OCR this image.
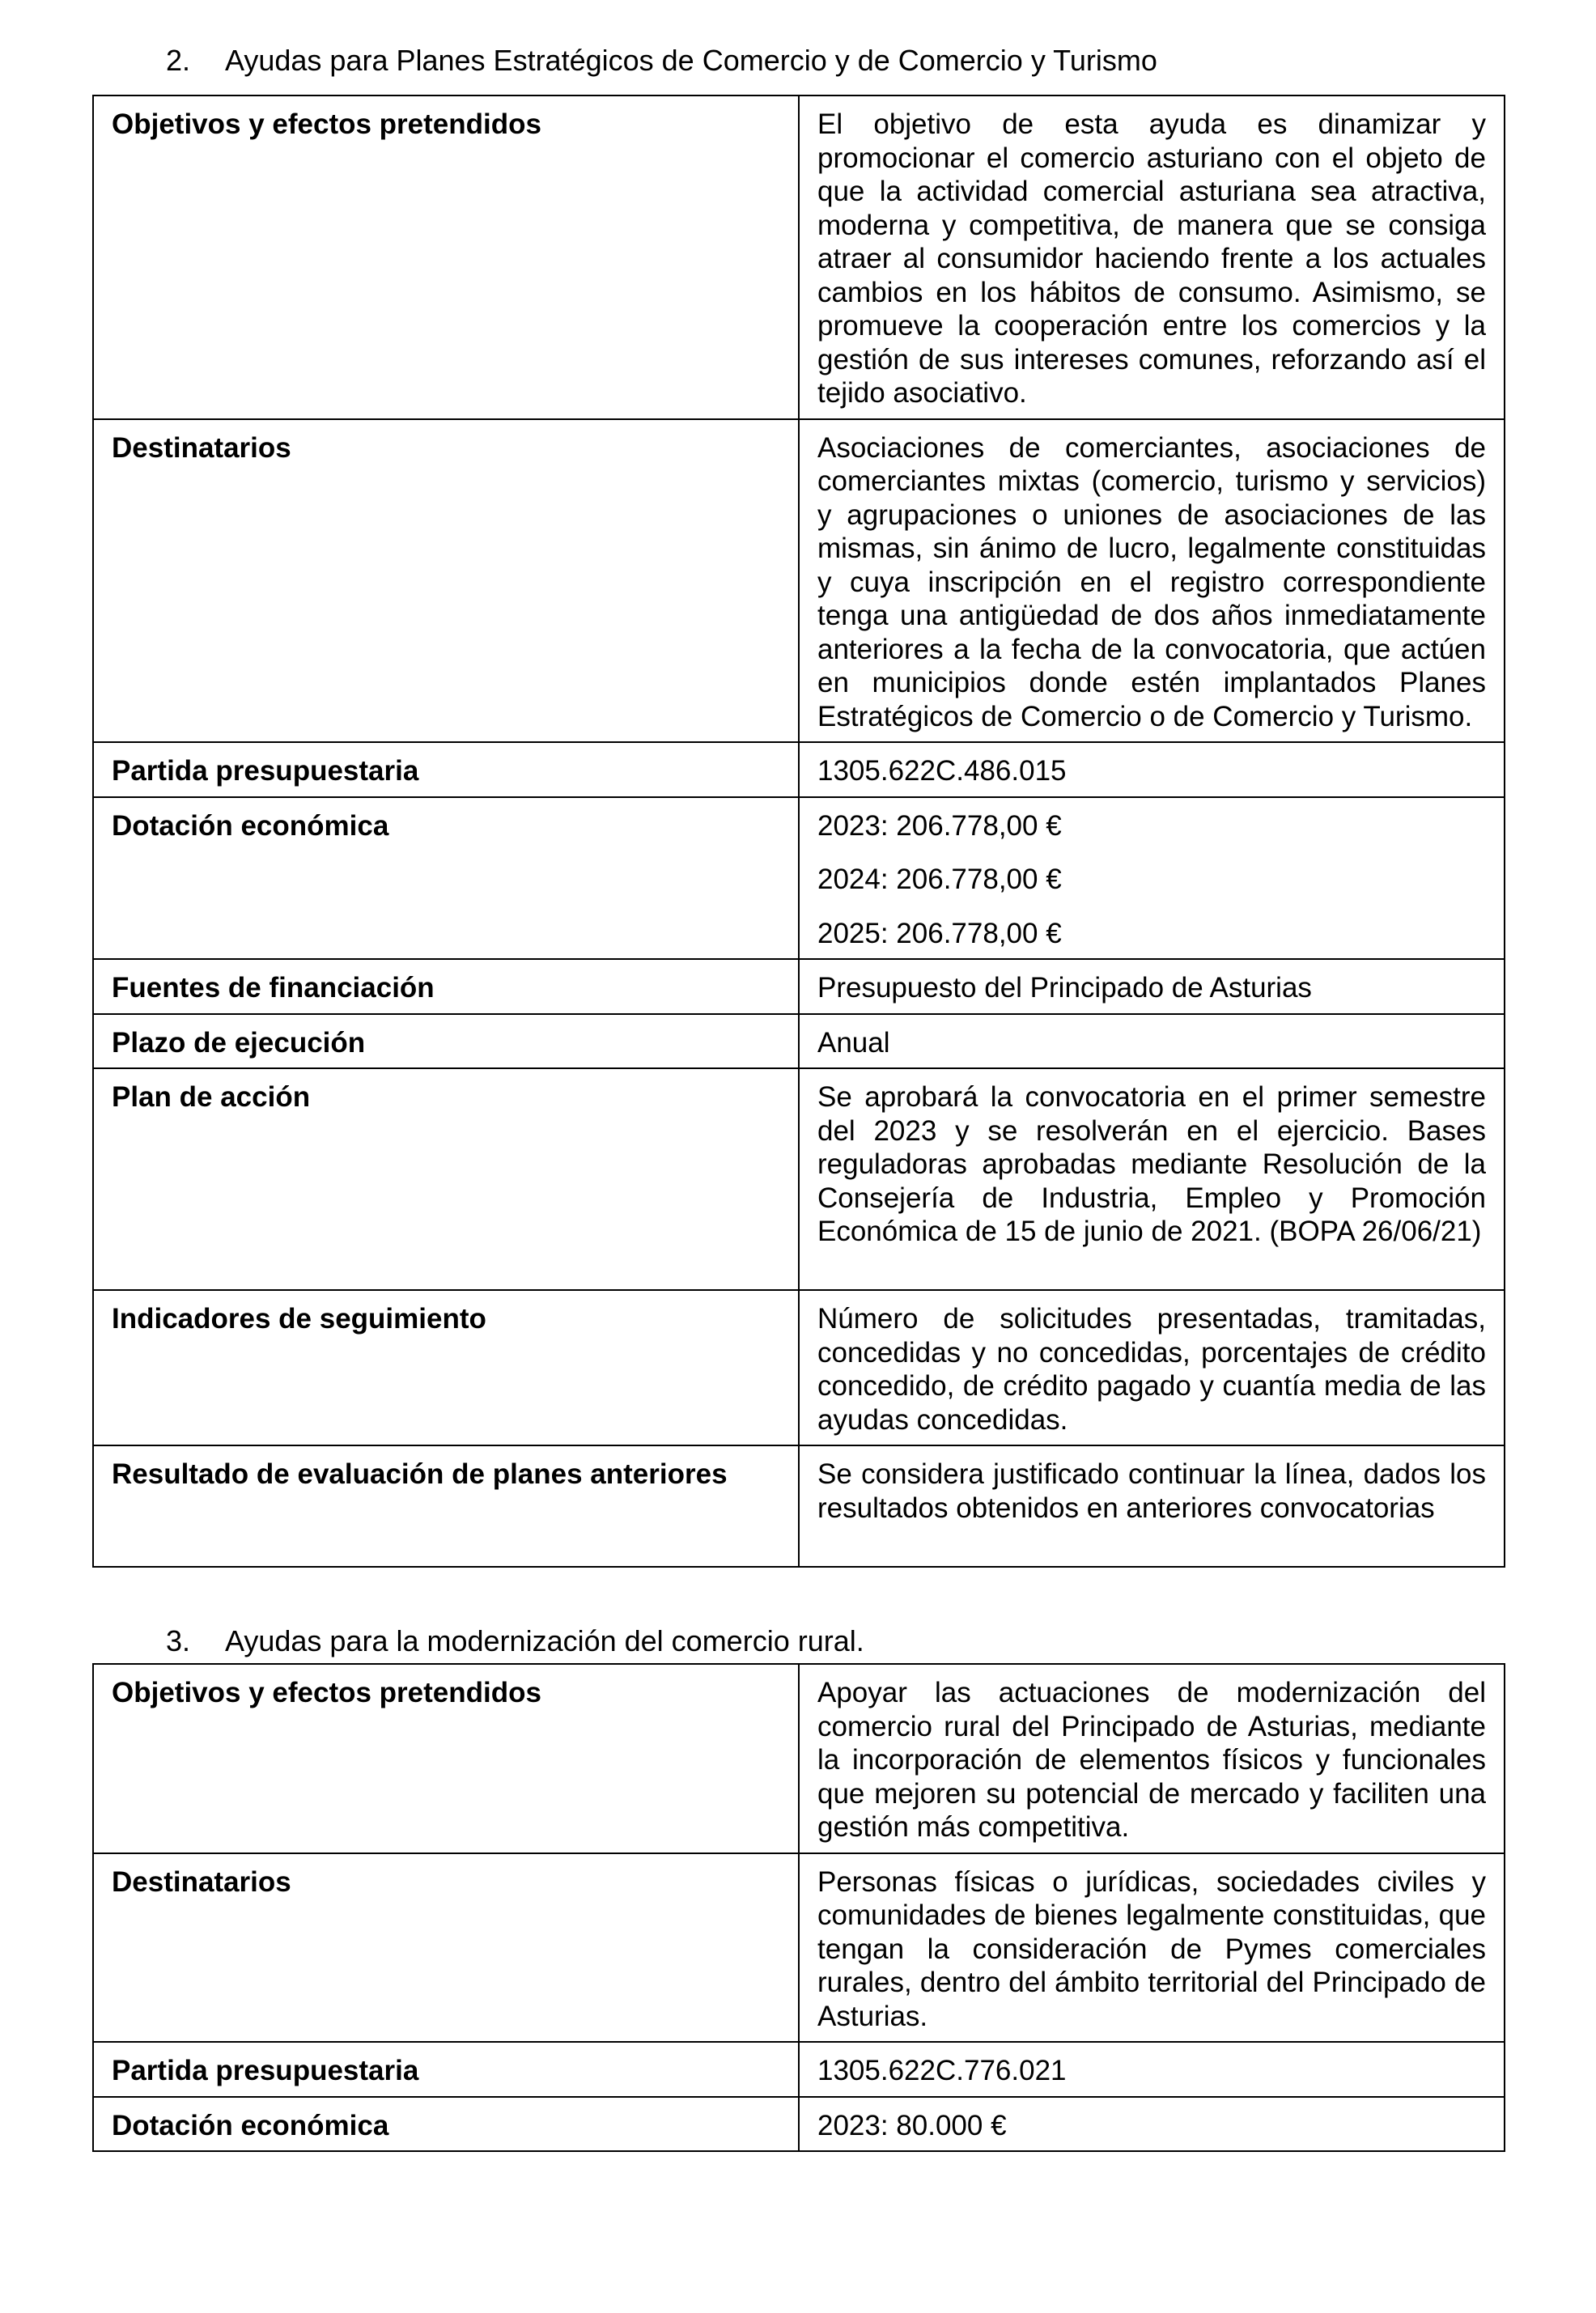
2. Ayudas para Planes Estratégicos de Comercio y de Comercio y Turismo
Objetivos y efectos pretendidos	El objetivo de esta ayuda es dinamizar y promocionar el comercio asturiano con el objeto de que la actividad comercial asturiana sea atractiva, moderna y competitiva, de manera que se consiga atraer al consumidor haciendo frente a los actuales cambios en los hábitos de consumo. Asimismo, se promueve la cooperación entre los comercios y la gestión de sus intereses comunes, reforzando así el tejido asociativo.

Destinatarios	Asociaciones de comerciantes, asociaciones de comerciantes mixtas (comercio, turismo y servicios) y agrupaciones o uniones de asociaciones de las mismas, sin ánimo de lucro, legalmente constituidas y cuya inscripción en el registro correspondiente tenga una antigüedad de dos años inmediatamente anteriores a la fecha de la convocatoria, que actúen en municipios donde estén implantados Planes Estratégicos de Comercio o de Comercio y Turismo.

Partida presupuestaria	1305.622C.486.015

Dotación económica	2023: 206.778,00 €
2024: 206.778,00 €
2025: 206.778,00 €

Fuentes de financiación	Presupuesto del Principado de Asturias

Plazo de ejecución	Anual

Plan de acción	Se aprobará la convocatoria en el primer semestre del 2023 y se resolverán en el ejercicio. Bases reguladoras aprobadas mediante Resolución de la Consejería de Industria, Empleo y Promoción Económica de 15 de junio de 2021. (BOPA 26/06/21)

Indicadores de seguimiento	Número de solicitudes presentadas, tramitadas, concedidas y no concedidas, porcentajes de crédito concedido, de crédito pagado y cuantía media de las ayudas concedidas.

Resultado de evaluación de planes anteriores	Se considera justificado continuar la línea, dados los resultados obtenidos en anteriores convocatorias
3. Ayudas para la modernización del comercio rural.
Objetivos y efectos pretendidos	Apoyar las actuaciones de modernización del comercio rural del Principado de Asturias, mediante la incorporación de elementos físicos y funcionales que mejoren su potencial de mercado y faciliten una gestión más competitiva.

Destinatarios	Personas físicas o jurídicas, sociedades civiles y comunidades de bienes legalmente constituidas, que tengan la consideración de Pymes comerciales rurales, dentro del ámbito territorial del Principado de Asturias.

Partida presupuestaria	1305.622C.776.021

Dotación económica	2023: 80.000 €
